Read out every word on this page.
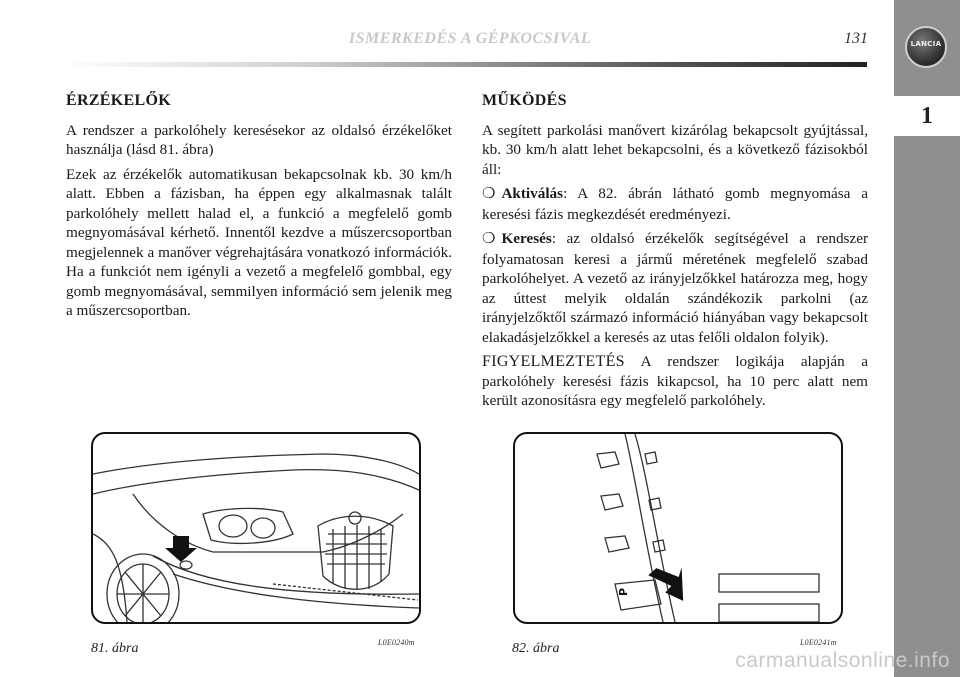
ISMERKEDÉS A GÉPKOCSIVAL	131	LANCIA
1
ÉRZÉKELŐK

A rendszer a parkolóhely keresésekor az oldalsó érzékelőket használja (lásd 81. ábra)

Ezek az érzékelők automatikusan bekapcsolnak kb. 30 km/h alatt. Ebben a fázisban, ha éppen egy alkalmasnak talált parkolóhely mellett halad el, a funkció a megfelelő gomb megnyomásával kérhető. Innentől kezdve a műszercsoportban megjelennek a manőver végrehajtására vonatkozó információk. Ha a funkciót nem igényli a vezető a megfelelő gombbal, egy gomb megnyomásával, semmilyen információ sem jelenik meg a műszercsoportban.

MŰKÖDÉS

A segített parkolási manővert kizárólag bekapcsolt gyújtással, kb. 30 km/h alatt lehet bekapcsolni, és a következő fázisokból áll:

❍ Aktiválás: A 82. ábrán látható gomb megnyomása a keresési fázis megkezdését eredményezi.

❍ Keresés: az oldalsó érzékelők segítségével a rendszer folyamatosan keresi a jármű méretének megfelelő szabad parkolóhelyet. A vezető az irányjelzőkkel határozza meg, hogy az úttest melyik oldalán szándékozik parkolni (az irányjelzőktől származó információ hiányában vagy bekapcsolt elakadásjelzőkkel a keresés az utas felőli oldalon folyik).

FIGYELMEZTETÉS A rendszer logikája alapján a parkolóhely keresési fázis kikapcsol, ha 10 perc alatt nem került azonosításra egy megfelelő parkolóhely.

81. ábra	L0E0240m
P
82. ábra	L0E0241m
carmanualsonline.info
